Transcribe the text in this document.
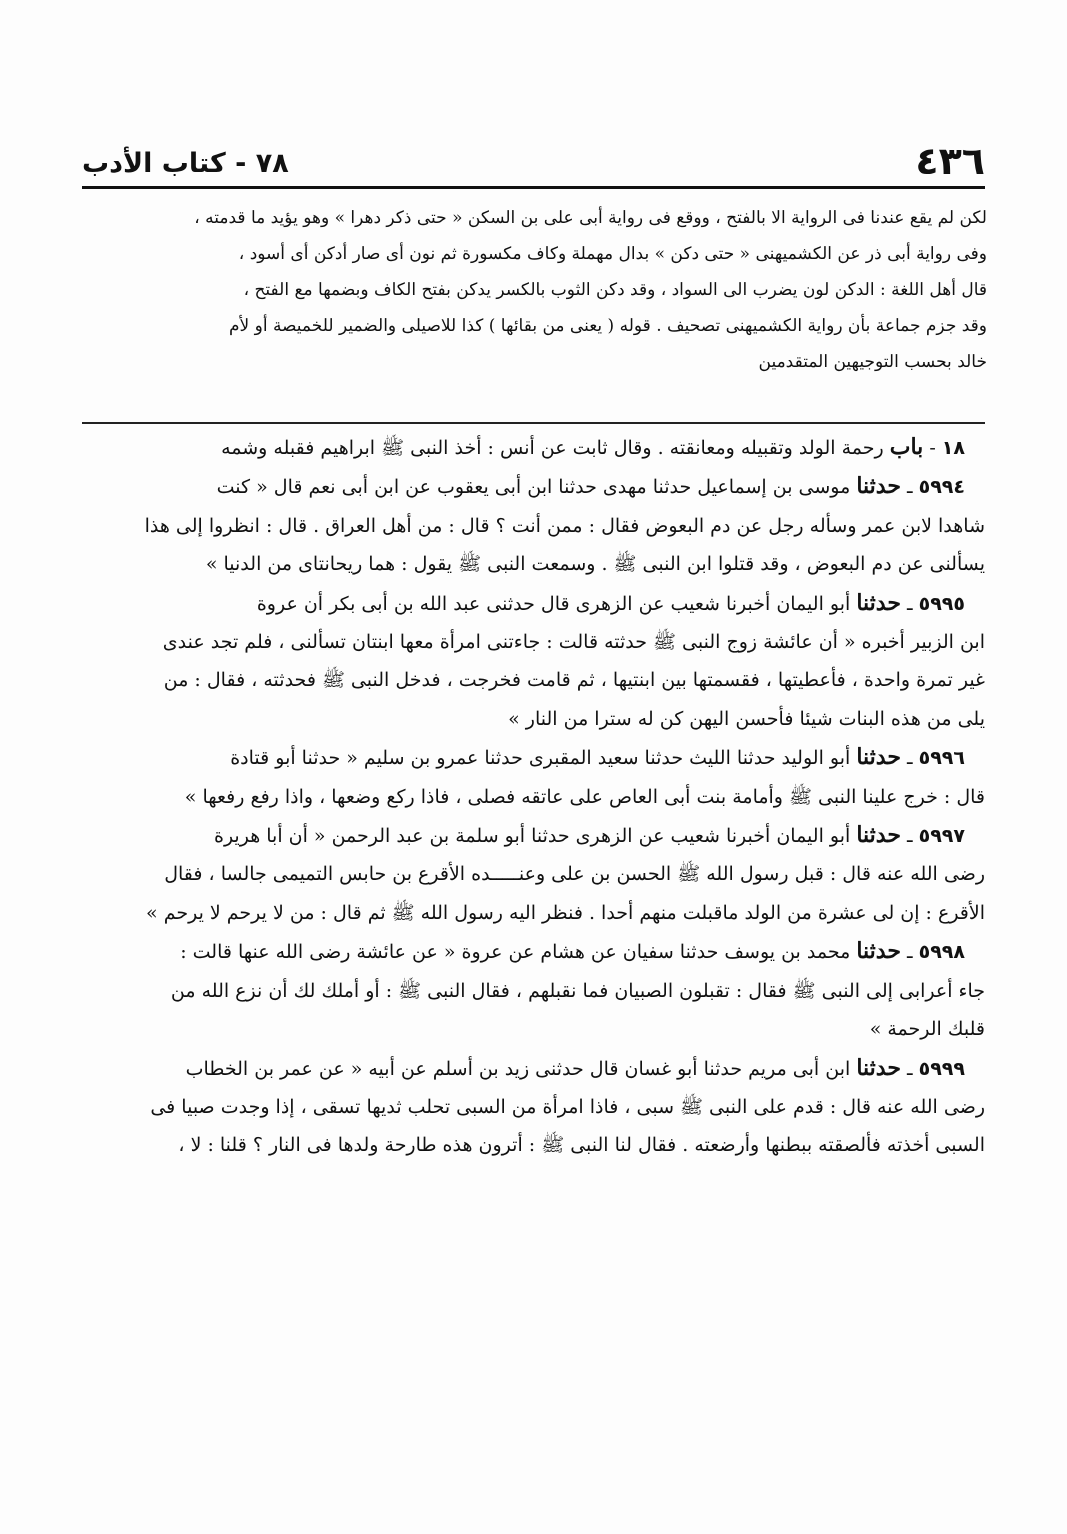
٤٣٦
٧٨ - كتاب الأدب

لكن لم يقع عندنا فى الرواية الا بالفتح ، ووقع فى رواية أبى على بن السكن « حتى ذكر دهرا » وهو يؤيد ما قدمته ،
وفى رواية أبى ذر عن الكشميهنى « حتى دكن » بدال مهملة وكاف مكسورة ثم نون أى صار أدكن أى أسود ،
قال أهل اللغة : الدكن لون يضرب الى السواد ، وقد دكن الثوب بالكسر يدكن بفتح الكاف وبضمها مع الفتح ،
وقد جزم جماعة بأن رواية الكشميهنى تصحيف . قوله ( يعنى من بقائها ) كذا للاصيلى والضمير للخميصة أو لأم
خالد بحسب التوجيهين المتقدمين

١٨ - باب رحمة الولد وتقبيله ومعانقته . وقال ثابت عن أنس : أخذ النبى ﷺ ابراهيم فقبله وشمه
٥٩٩٤ ـ حدثنا موسى بن إسماعيل حدثنا مهدى حدثنا ابن أبى يعقوب عن ابن أبى نعم قال « كنت
شاهدا لابن عمر وسأله رجل عن دم البعوض فقال : ممن أنت ؟ قال : من أهل العراق . قال : انظروا إلى هذا
يسألنى عن دم البعوض ، وقد قتلوا ابن النبى ﷺ . وسمعت النبى ﷺ يقول : هما ريحانتاى من الدنيا »
٥٩٩٥ ـ حدثنا أبو اليمان أخبرنا شعيب عن الزهرى قال حدثنى عبد الله بن أبى بكر أن عروة
ابن الزبير أخبره « أن عائشة زوج النبى ﷺ حدثته قالت : جاءتنى امرأة معها ابنتان تسألنى ، فلم تجد عندى
غير تمرة واحدة ، فأعطيتها ، فقسمتها بين ابنتيها ، ثم قامت فخرجت ، فدخل النبى ﷺ فحدثته ، فقال : من
يلى من هذه البنات شيئا فأحسن اليهن كن له سترا من النار »
٥٩٩٦ ـ حدثنا أبو الوليد حدثنا الليث حدثنا سعيد المقبرى حدثنا عمرو بن سليم « حدثنا أبو قتادة
قال : خرج علينا النبى ﷺ وأمامة بنت أبى العاص على عاتقه فصلى ، فاذا ركع وضعها ، واذا رفع رفعها »
٥٩٩٧ ـ حدثنا أبو اليمان أخبرنا شعيب عن الزهرى حدثنا أبو سلمة بن عبد الرحمن « أن أبا هريرة
رضى الله عنه قال : قبل رسول الله ﷺ الحسن بن على وعنـــــده الأقرع بن حابس التميمى جالسا ، فقال
الأقرع : إن لى عشرة من الولد ماقبلت منهم أحدا . فنظر اليه رسول الله ﷺ ثم قال : من لا يرحم لا يرحم »
٥٩٩٨ ـ حدثنا محمد بن يوسف حدثنا سفيان عن هشام عن عروة « عن عائشة رضى الله عنها قالت :
جاء أعرابى إلى النبى ﷺ فقال : تقبلون الصبيان فما نقبلهم ، فقال النبى ﷺ : أو أملك لك أن نزع الله من
قلبك الرحمة »
٥٩٩٩ ـ حدثنا ابن أبى مريم حدثنا أبو غسان قال حدثنى زيد بن أسلم عن أبيه « عن عمر بن الخطاب
رضى الله عنه قال : قدم على النبى ﷺ سبى ، فاذا امرأة من السبى تحلب ثديها تسقى ، إذا وجدت صبيا فى
السبى أخذته فألصقته ببطنها وأرضعته . فقال لنا النبى ﷺ : أترون هذه طارحة ولدها فى النار ؟ قلنا : لا ،
